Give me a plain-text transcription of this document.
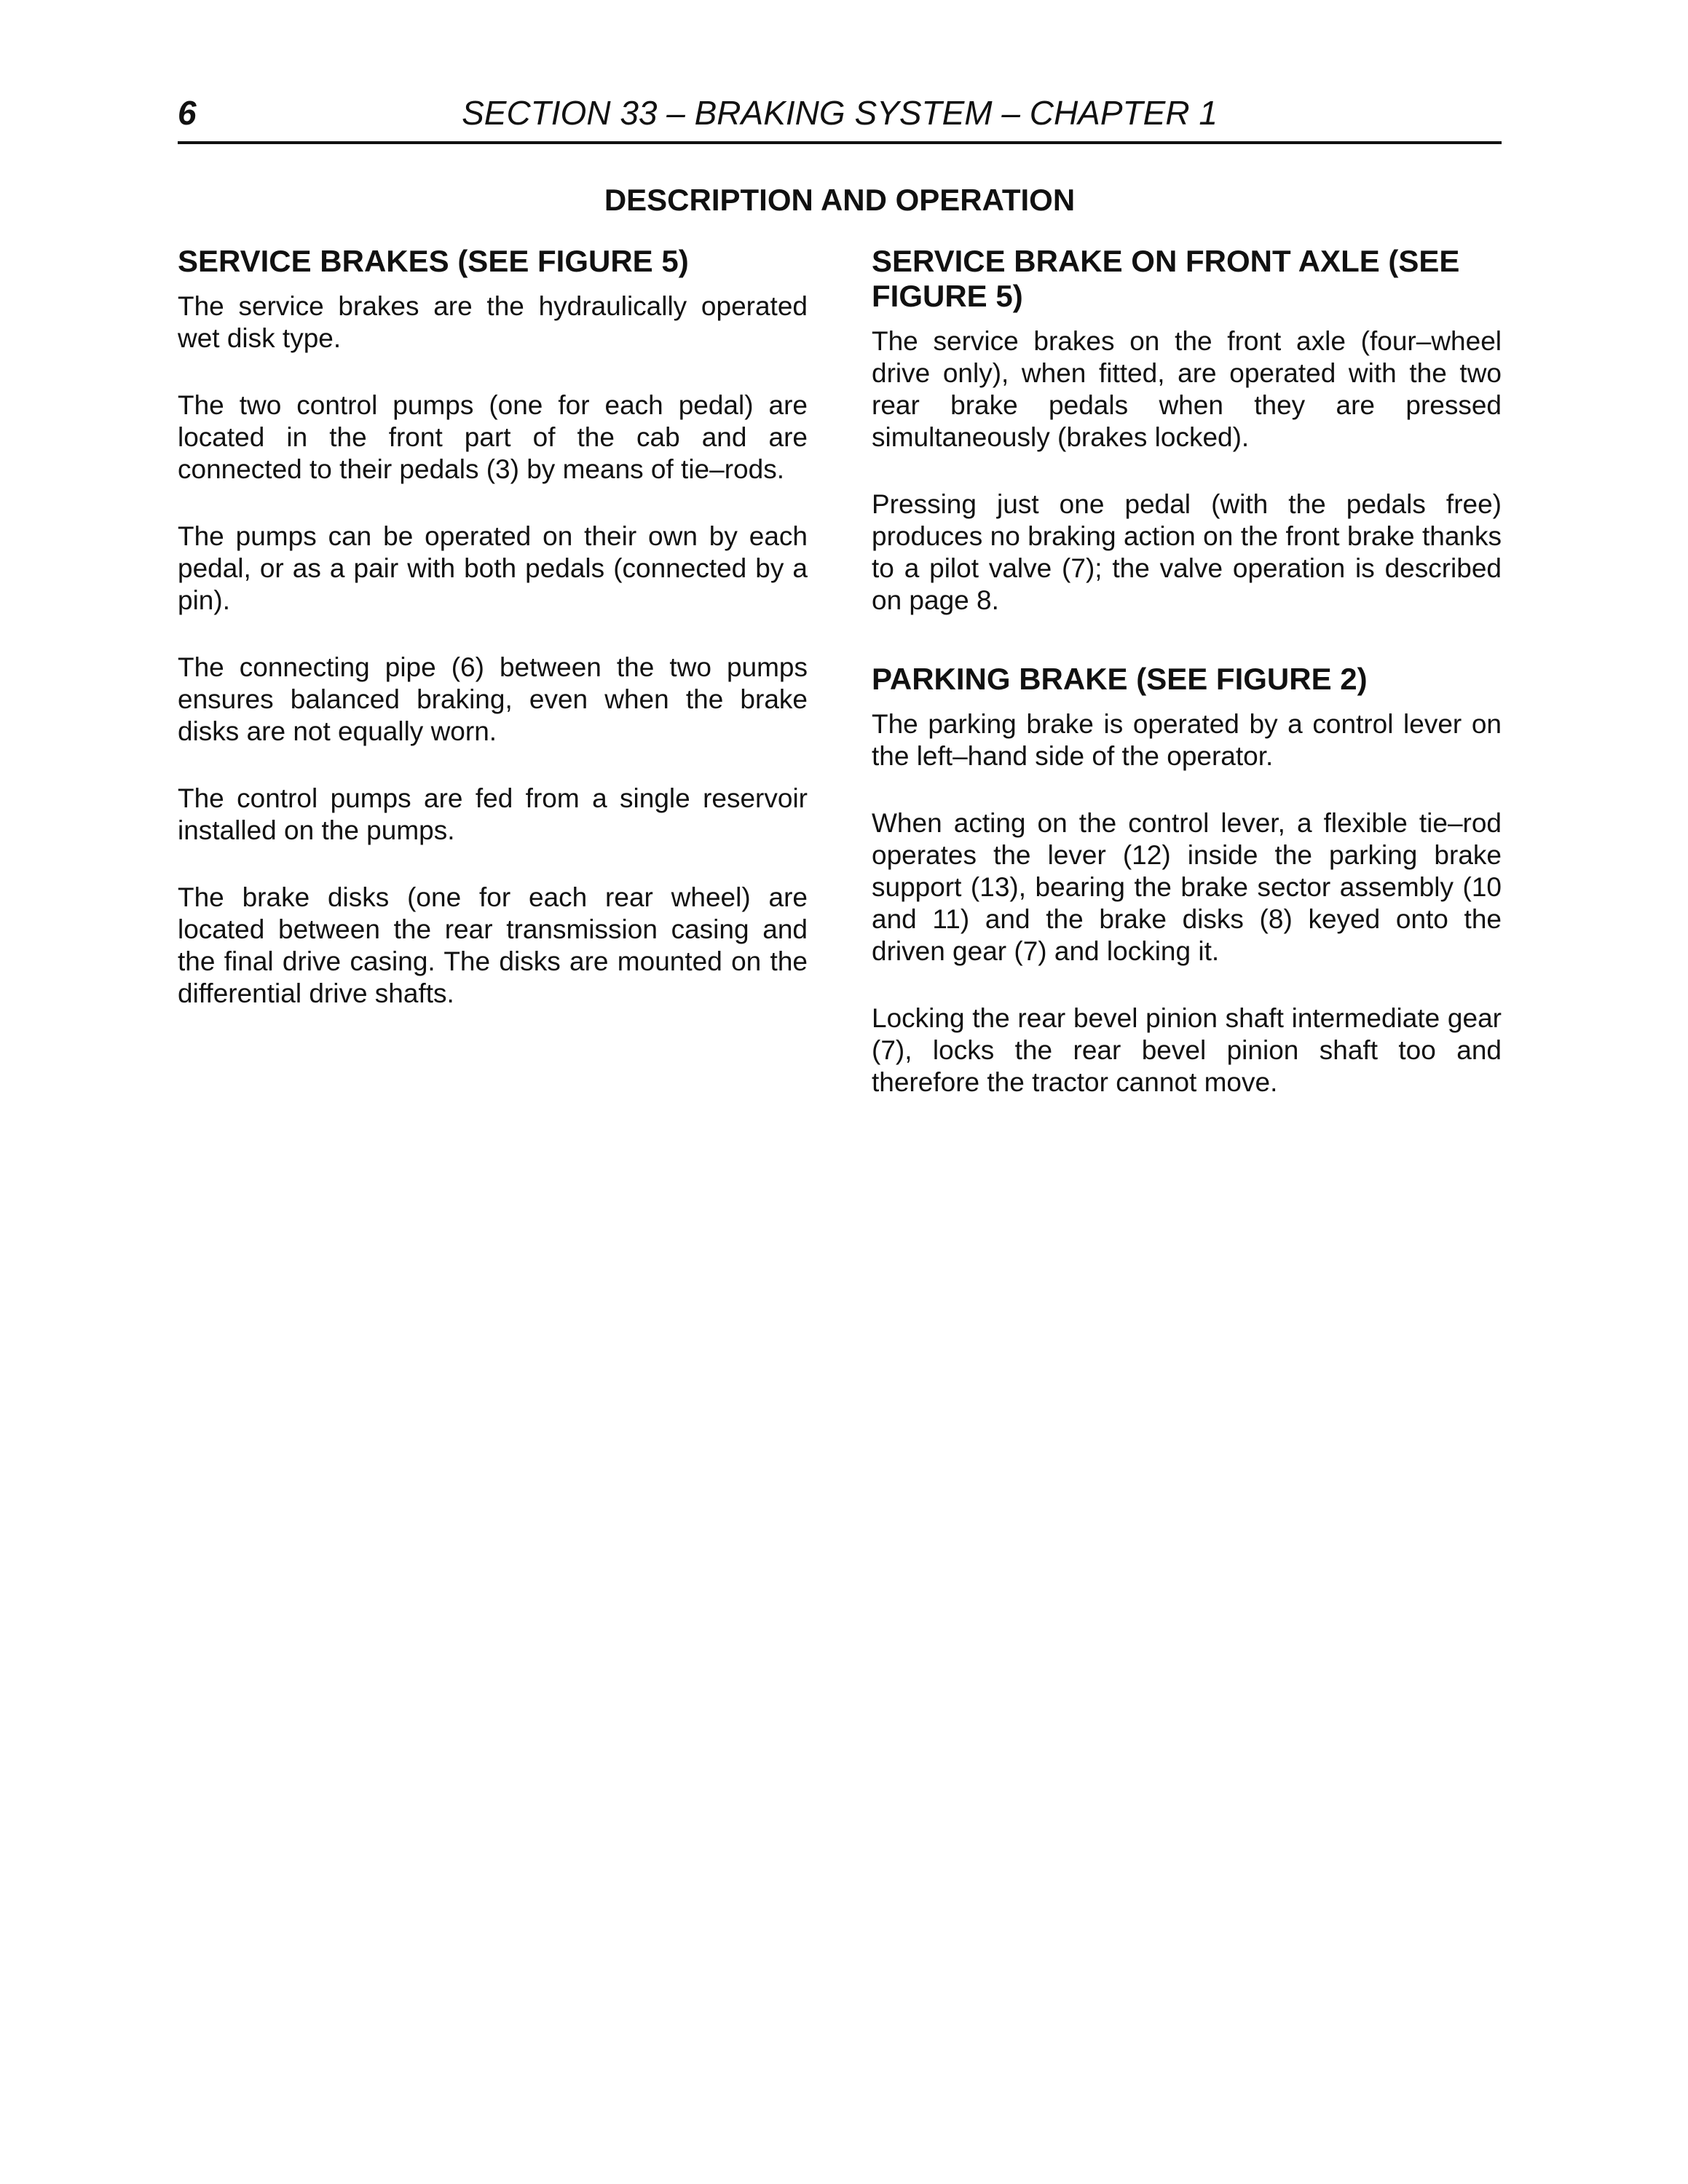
6	SECTION 33 – BRAKING SYSTEM – CHAPTER 1
DESCRIPTION AND OPERATION
SERVICE BRAKES (SEE FIGURE 5)

The service brakes are the hydraulically operated wet disk type.

The two control pumps (one for each pedal) are located in the front part of the cab and are connected to their pedals (3) by means of tie–rods.

The pumps can be operated on their own by each pedal, or as a pair with both pedals (connected by a pin).

The connecting pipe (6) between the two pumps ensures balanced braking, even when the brake disks are not equally worn.

The control pumps are fed from a single reservoir installed on the pumps.

The brake disks (one for each rear wheel) are located between the rear transmission casing and the final drive casing. The disks are mounted on the differential drive shafts.

SERVICE BRAKE ON FRONT AXLE (SEE FIGURE 5)

The service brakes on the front axle (four–wheel drive only), when fitted, are operated with the two rear brake pedals when they are pressed simultaneously (brakes locked).

Pressing just one pedal (with the pedals free) produces no braking action on the front brake thanks to a pilot valve (7); the valve operation is described on page 8.

PARKING BRAKE (SEE FIGURE 2)

The parking brake is operated by a control lever on the left–hand side of the operator.

When acting on the control lever, a flexible tie–rod operates the lever (12) inside the parking brake support (13), bearing the brake sector assembly (10 and 11) and the brake disks (8) keyed onto the driven gear (7) and locking it.

Locking the rear bevel pinion shaft intermediate gear (7), locks the rear bevel pinion shaft too and therefore the tractor cannot move.
